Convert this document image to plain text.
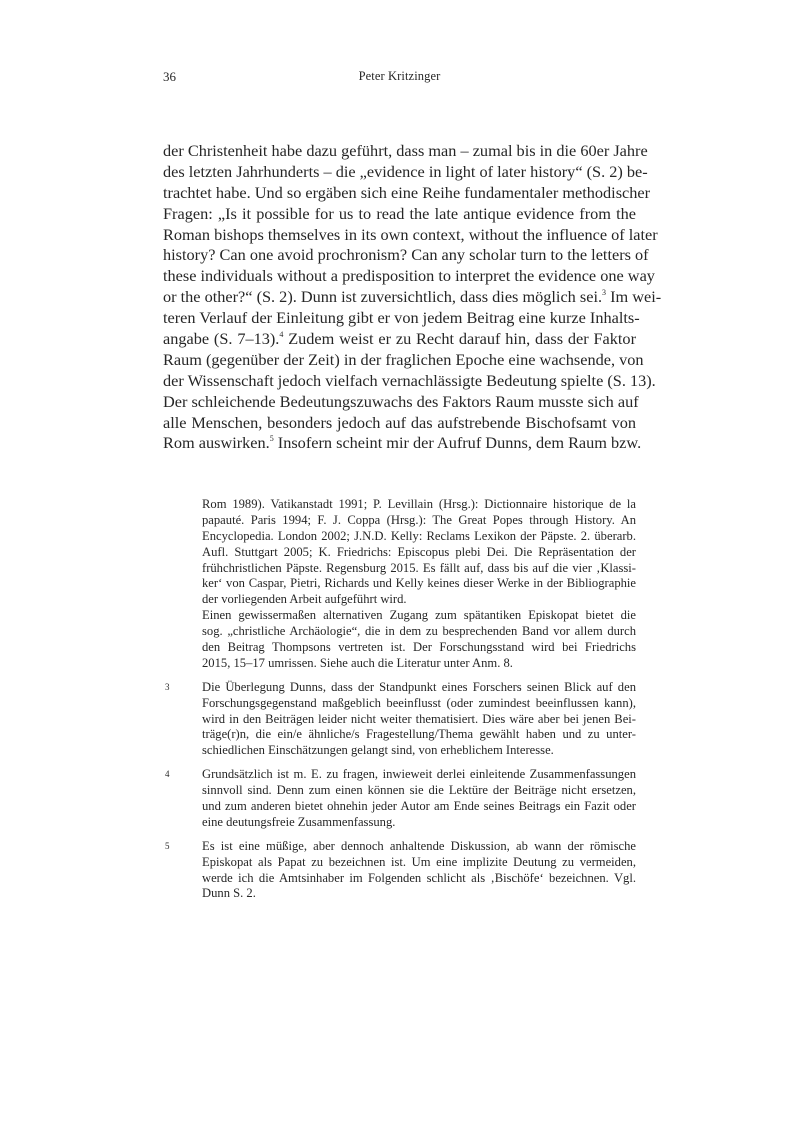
36	Peter Kritzinger
der Christenheit habe dazu geführt, dass man – zumal bis in die 60er Jahre
des letzten Jahrhunderts – die „evidence in light of later history“ (S. 2) be-
trachtet habe. Und so ergäben sich eine Reihe fundamentaler methodischer
Fragen: „Is it possible for us to read the late antique evidence from the
Roman bishops themselves in its own context, without the influence of later
history? Can one avoid prochronism? Can any scholar turn to the letters of
these individuals without a predisposition to interpret the evidence one way
or the other?“ (S. 2). Dunn ist zuversichtlich, dass dies möglich sei.$^3$ Im wei-
teren Verlauf der Einleitung gibt er von jedem Beitrag eine kurze Inhalts-
angabe (S. 7–13).$^4$ Zudem weist er zu Recht darauf hin, dass der Faktor
Raum (gegenüber der Zeit) in der fraglichen Epoche eine wachsende, von
der Wissenschaft jedoch vielfach vernachlässigte Bedeutung spielte (S. 13).
Der schleichende Bedeutungszuwachs des Faktors Raum musste sich auf
alle Menschen, besonders jedoch auf das aufstrebende Bischofsamt von
Rom auswirken.$^5$ Insofern scheint mir der Aufruf Dunns, dem Raum bzw.
Rom 1989). Vatikanstadt 1991; P. Levillain (Hrsg.): Dictionnaire historique de la
papauté. Paris 1994; F. J. Coppa (Hrsg.): The Great Popes through History. An
Encyclopedia. London 2002; J.N.D. Kelly: Reclams Lexikon der Päpste. 2. überarb.
Aufl. Stuttgart 2005; K. Friedrichs: Episcopus plebi Dei. Die Repräsentation der
frühchristlichen Päpste. Regensburg 2015. Es fällt auf, dass bis auf die vier ‚Klassi-
ker‘ von Caspar, Pietri, Richards und Kelly keines dieser Werke in der Bibliographie
der vorliegenden Arbeit aufgeführt wird.
Einen gewissermaßen alternativen Zugang zum spätantiken Episkopat bietet die
sog. „christliche Archäologie“, die in dem zu besprechenden Band vor allem durch
den Beitrag Thompsons vertreten ist. Der Forschungsstand wird bei Friedrichs
2015, 15–17 umrissen. Siehe auch die Literatur unter Anm. 8.
3	Die Überlegung Dunns, dass der Standpunkt eines Forschers seinen Blick auf den
Forschungsgegenstand maßgeblich beeinflusst (oder zumindest beeinflussen kann),
wird in den Beiträgen leider nicht weiter thematisiert. Dies wäre aber bei jenen Bei-
träge(r)n, die ein/e ähnliche/s Fragestellung/Thema gewählt haben und zu unter-
schiedlichen Einschätzungen gelangt sind, von erheblichem Interesse.
4	Grundsätzlich ist m. E. zu fragen, inwieweit derlei einleitende Zusammenfassungen
sinnvoll sind. Denn zum einen können sie die Lektüre der Beiträge nicht ersetzen,
und zum anderen bietet ohnehin jeder Autor am Ende seines Beitrags ein Fazit oder
eine deutungsfreie Zusammenfassung.
5	Es ist eine müßige, aber dennoch anhaltende Diskussion, ab wann der römische
Episkopat als Papat zu bezeichnen ist. Um eine implizite Deutung zu vermeiden,
werde ich die Amtsinhaber im Folgenden schlicht als ‚Bischöfe‘ bezeichnen. Vgl.
Dunn S. 2.
